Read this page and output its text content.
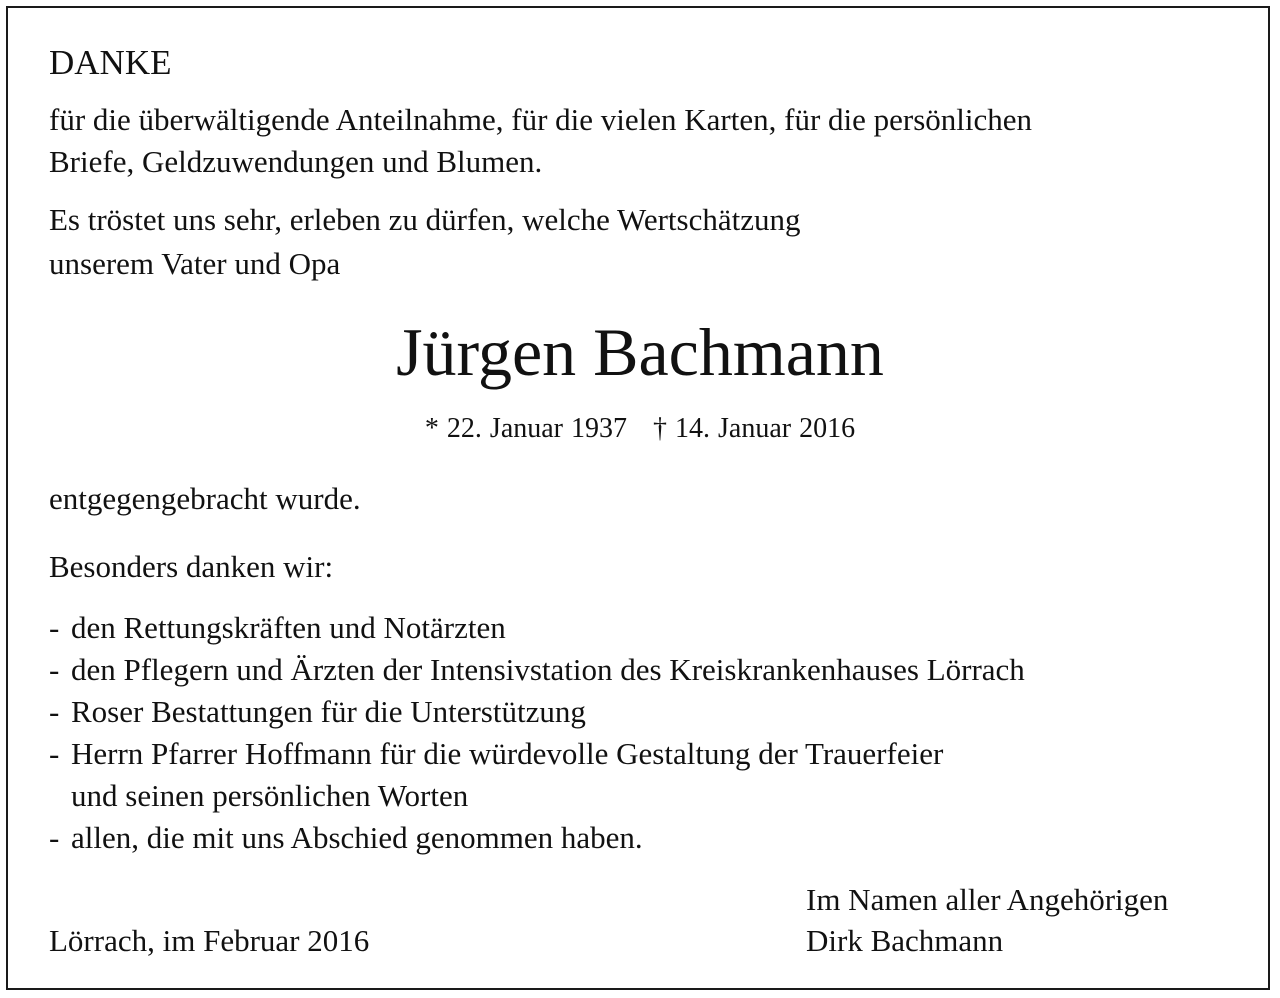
DANKE

für die überwältigende Anteilnahme, für die vielen Karten, für die persönlichen

Briefe, Geldzuwendungen und Blumen.

Es tröstet uns sehr, erleben zu dürfen, welche Wertschätzung

unserem Vater und Opa

Jürgen Bachmann

* 22. Januar 1937 † 14. Januar 2016

entgegengebracht wurde.

Besonders danken wir:

- den Rettungskräften und Notärzten
- den Pflegern und Ärzten der Intensivstation des Kreiskrankenhauses Lörrach
- Roser Bestattungen für die Unterstützung
- Herrn Pfarrer Hoffmann für die würdevolle Gestaltung der Trauerfeier
und seinen persönlichen Worten
- allen, die mit uns Abschied genommen haben.

Im Namen aller Angehörigen

Dirk Bachmann

Lörrach, im Februar 2016
